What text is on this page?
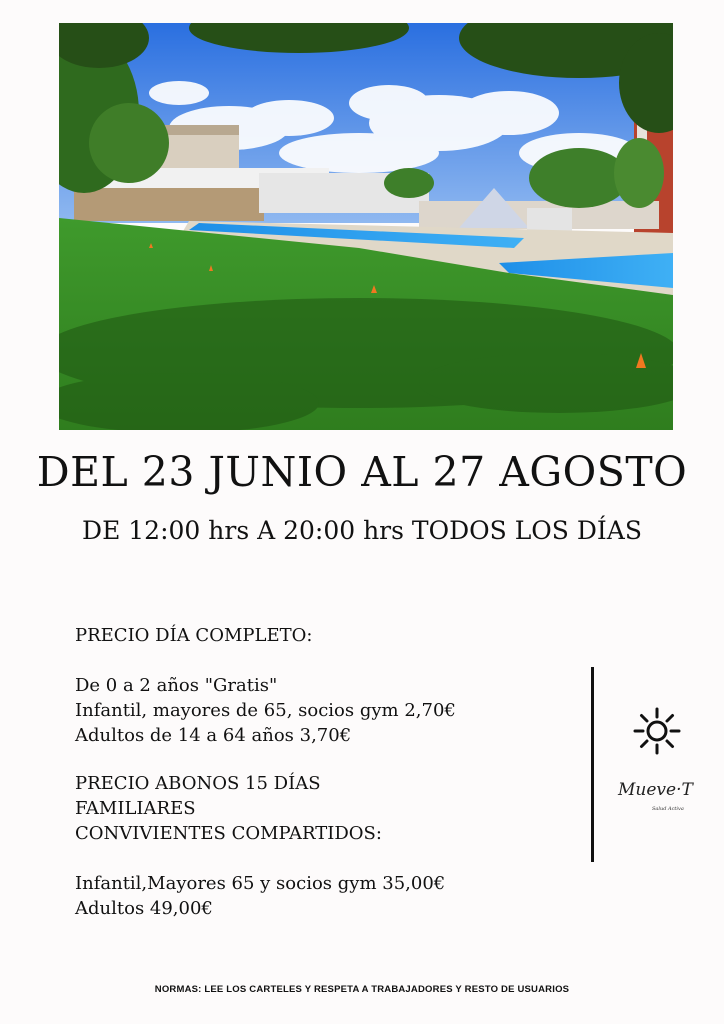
DEL 23 JUNIO AL 27 AGOSTO
DE 12:00 hrs A 20:00 hrs TODOS LOS DÍAS
PRECIO DÍA COMPLETO:
De 0 a 2 años "Gratis"
Infantil, mayores de 65, socios gym 2,70€
Adultos de 14 a 64 años 3,70€
PRECIO ABONOS 15 DÍAS
FAMILIARES
CONVIVIENTES COMPARTIDOS:
Infantil,Mayores 65 y socios gym 35,00€
Adultos 49,00€
Mueve·T
Salud Activa
NORMAS: LEE LOS CARTELES Y RESPETA A TRABAJADORES Y RESTO DE USUARIOS
